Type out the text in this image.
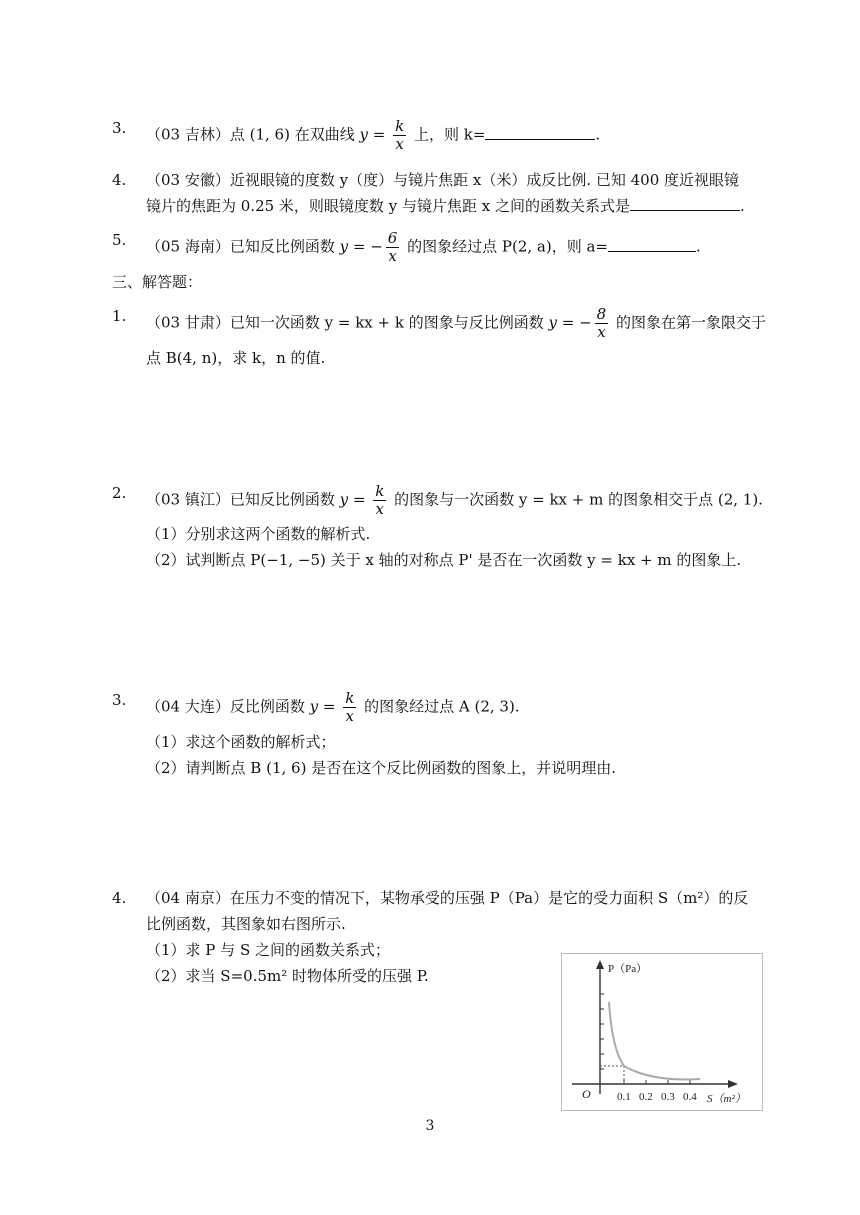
3. （03 吉林）点 (1, 6) 在双曲线 $y = \frac{k}{x}$ 上，则 k=	.
4. （03 安徽）近视眼镜的度数 y（度）与镜片焦距 x（米）成反比例. 已知 400 度近视眼镜
镜片的焦距为 0.25 米，则眼镜度数 y 与镜片焦距 x 之间的函数关系式是	.
5. （05 海南）已知反比例函数 y = − $\frac{6}{x}$ 的图象经过点 P(2, a)，则 a=	.
三、解答题：
1. （03 甘肃）已知一次函数 y = kx + k 的图象与反比例函数 y = − $\frac{8}{x}$ 的图象在第一象限交于
点 B(4, n)，求 k，n 的值.
2. （03 镇江）已知反比例函数 $y = \frac{k}{x}$ 的图象与一次函数 y = kx + m 的图象相交于点 (2, 1).
（1）分别求这两个函数的解析式.
（2）试判断点 P(−1, −5) 关于 x 轴的对称点 P' 是否在一次函数 y = kx + m 的图象上.
3. （04 大连）反比例函数 $y = \frac{k}{x}$ 的图象经过点 A (2, 3).
（1）求这个函数的解析式；
（2）请判断点 B (1, 6) 是否在这个反比例函数的图象上，并说明理由.
4. （04 南京）在压力不变的情况下，某物承受的压强 P（Pa）是它的受力面积 S（m²）的反
比例函数，其图象如右图所示.
（1）求 P 与 S 之间的函数关系式；
（2）求当 S=0.5m² 时物体所受的压强 P.	P（Pa）
O 0.1 0.2 0.3 0.4 S（m²）
3
